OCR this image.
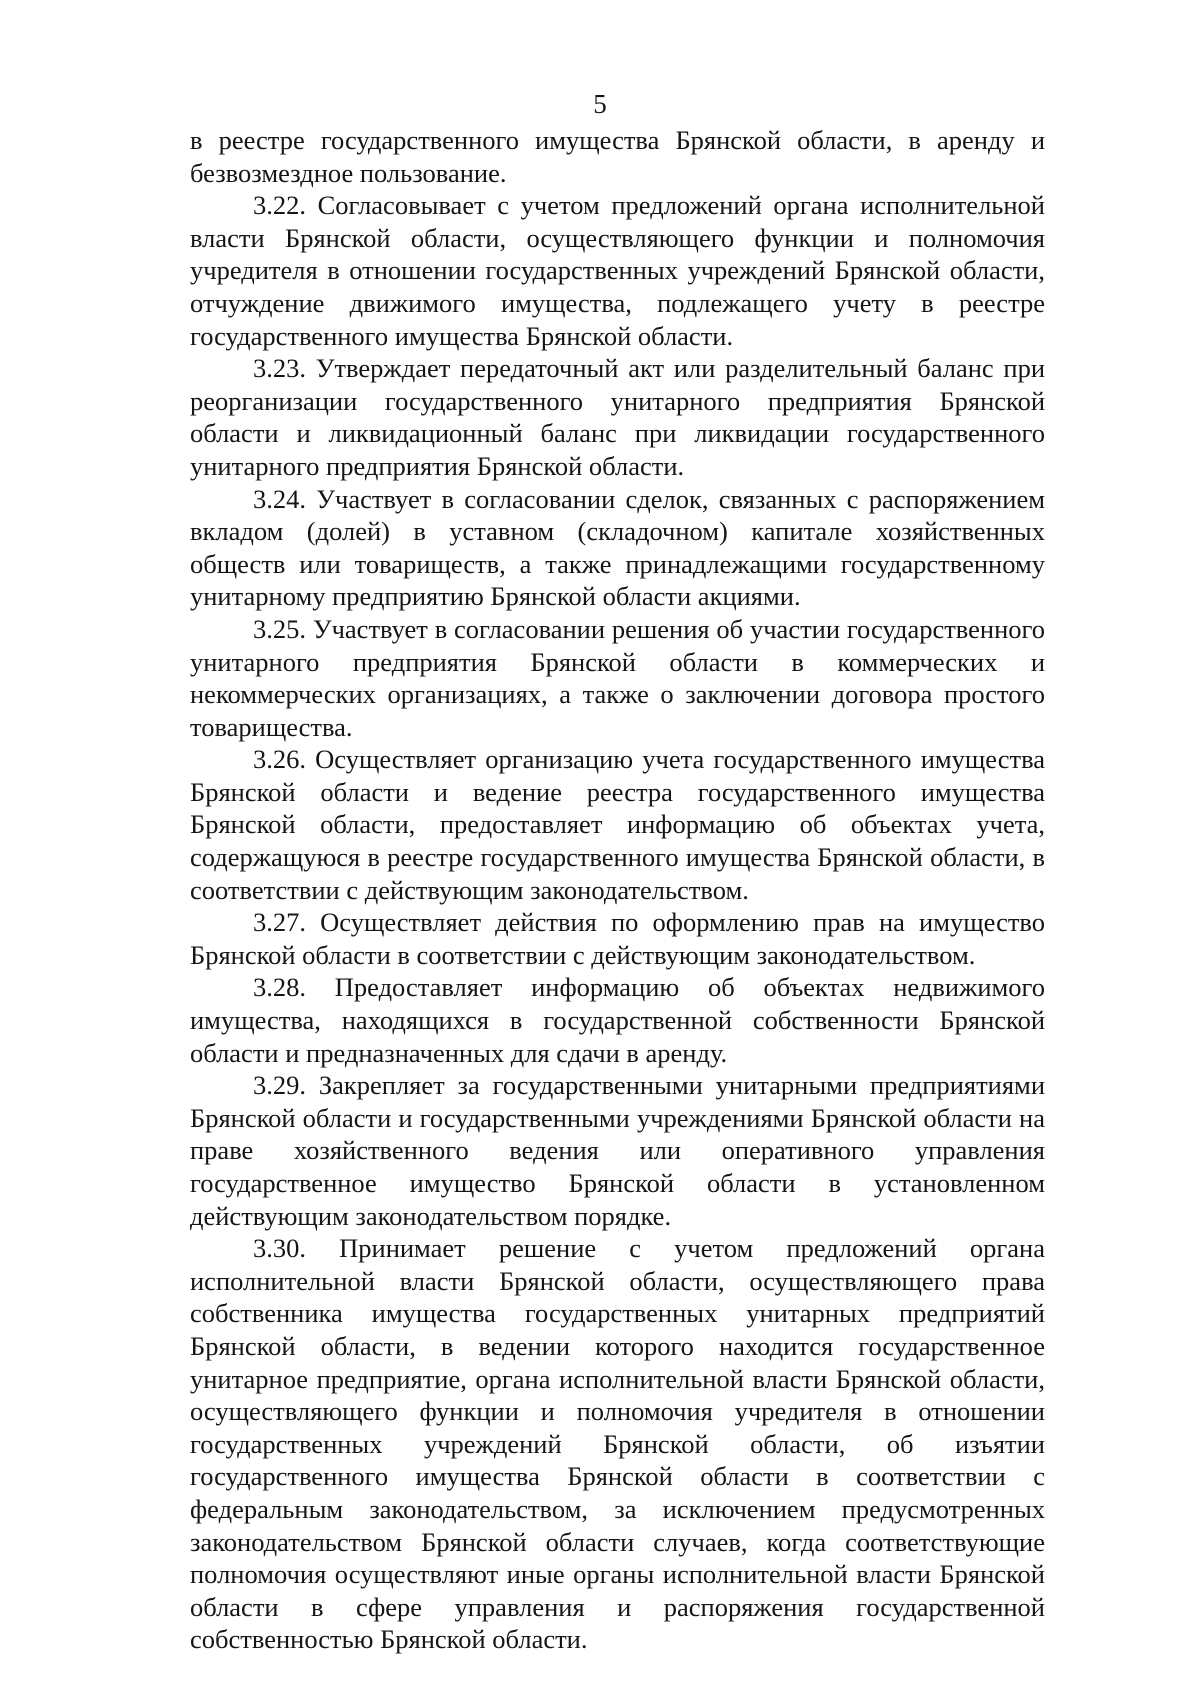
5

в реестре государственного имущества Брянской области, в аренду и безвозмездное пользование.

3.22. Согласовывает с учетом предложений органа исполнительной власти Брянской области, осуществляющего функции и полномочия учредителя в отношении государственных учреждений Брянской области, отчуждение движимого имущества, подлежащего учету в реестре государственного имущества Брянской области.

3.23. Утверждает передаточный акт или разделительный баланс при реорганизации государственного унитарного предприятия Брянской области и ликвидационный баланс при ликвидации государственного унитарного предприятия Брянской области.

3.24. Участвует в согласовании сделок, связанных с распоряжением вкладом (долей) в уставном (складочном) капитале хозяйственных обществ или товариществ, а также принадлежащими государственному унитарному предприятию Брянской области акциями.

3.25. Участвует в согласовании решения об участии государственного унитарного предприятия Брянской области в коммерческих и некоммерческих организациях, а также о заключении договора простого товарищества.

3.26. Осуществляет организацию учета государственного имущества Брянской области и ведение реестра государственного имущества Брянской области, предоставляет информацию об объектах учета, содержащуюся в реестре государственного имущества Брянской области, в соответствии с действующим законодательством.

3.27. Осуществляет действия по оформлению прав на имущество Брянской области в соответствии с действующим законодательством.

3.28. Предоставляет информацию об объектах недвижимого имущества, находящихся в государственной собственности Брянской области и предназначенных для сдачи в аренду.

3.29. Закрепляет за государственными унитарными предприятиями Брянской области и государственными учреждениями Брянской области на праве хозяйственного ведения или оперативного управления государственное имущество Брянской области в установленном действующим законодательством порядке.

3.30. Принимает решение с учетом предложений органа исполнительной власти Брянской области, осуществляющего права собственника имущества государственных унитарных предприятий Брянской области, в ведении которого находится государственное унитарное предприятие, органа исполнительной власти Брянской области, осуществляющего функции и полномочия учредителя в отношении государственных учреждений Брянской области, об изъятии государственного имущества Брянской области в соответствии с федеральным законодательством, за исключением предусмотренных законодательством Брянской области случаев, когда соответствующие полномочия осуществляют иные органы исполнительной власти Брянской области в сфере управления и распоряжения государственной собственностью Брянской области.
